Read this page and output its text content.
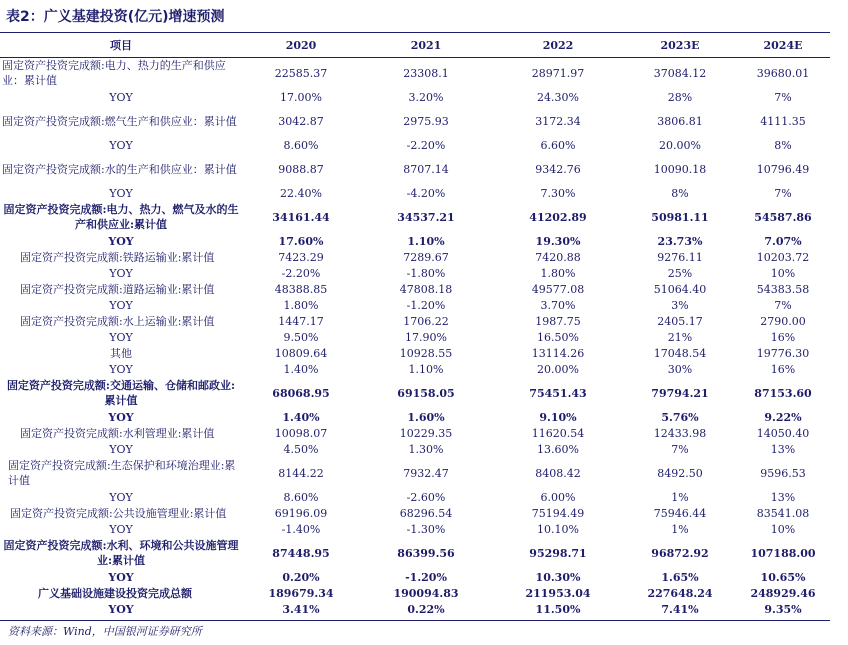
表2：广义基建投资(亿元)增速预测
项目	2020	2021	2022	2023E	2024E
固定资产投资完成额:电力、热力的生产和供应业：累计值	22585.37	23308.1	28971.97	37084.12	39680.01
YOY	17.00%	3.20%	24.30%	28%	7%
固定资产投资完成额:燃气生产和供应业：累计值	3042.87	2975.93	3172.34	3806.81	4111.35
YOY	8.60%	-2.20%	6.60%	20.00%	8%
固定资产投资完成额:水的生产和供应业：累计值	9088.87	8707.14	9342.76	10090.18	10796.49
YOY	22.40%	-4.20%	7.30%	8%	7%
固定资产投资完成额:电力、热力、燃气及水的生产和供应业:累计值	34161.44	34537.21	41202.89	50981.11	54587.86
YOY	17.60%	1.10%	19.30%	23.73%	7.07%
固定资产投资完成额:铁路运输业:累计值	7423.29	7289.67	7420.88	9276.11	10203.72
YOY	-2.20%	-1.80%	1.80%	25%	10%
固定资产投资完成额:道路运输业:累计值	48388.85	47808.18	49577.08	51064.40	54383.58
YOY	1.80%	-1.20%	3.70%	3%	7%
固定资产投资完成额:水上运输业:累计值	1447.17	1706.22	1987.75	2405.17	2790.00
YOY	9.50%	17.90%	16.50%	21%	16%
其他	10809.64	10928.55	13114.26	17048.54	19776.30
YOY	1.40%	1.10%	20.00%	30%	16%
固定资产投资完成额:交通运输、仓储和邮政业:累计值	68068.95	69158.05	75451.43	79794.21	87153.60
YOY	1.40%	1.60%	9.10%	5.76%	9.22%
固定资产投资完成额:水利管理业:累计值	10098.07	10229.35	11620.54	12433.98	14050.40
YOY	4.50%	1.30%	13.60%	7%	13%
固定资产投资完成额:生态保护和环境治理业:累计值	8144.22	7932.47	8408.42	8492.50	9596.53
YOY	8.60%	-2.60%	6.00%	1%	13%
固定资产投资完成额:公共设施管理业:累计值	69196.09	68296.54	75194.49	75946.44	83541.08
YOY	-1.40%	-1.30%	10.10%	1%	10%
固定资产投资完成额:水利、环境和公共设施管理业:累计值	87448.95	86399.56	95298.71	96872.92	107188.00
YOY	0.20%	-1.20%	10.30%	1.65%	10.65%
广义基础设施建设投资完成总额	189679.34	190094.83	211953.04	227648.24	248929.46
YOY	3.41%	0.22%	11.50%	7.41%	9.35%
资料来源：Wind，中国银河证券研究所
